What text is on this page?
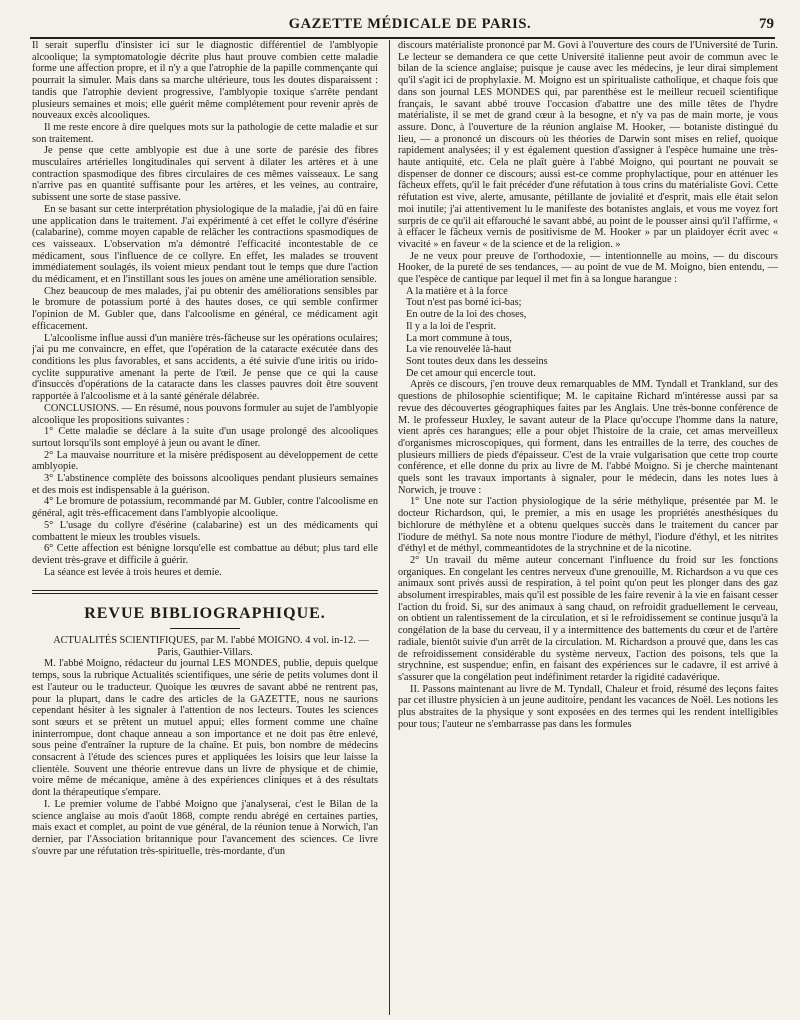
GAZETTE MÉDICALE DE PARIS.	79

Il serait superflu d'insister ici sur le diagnostic différentiel de l'amblyopie alcoolique; la symptomatologie décrite plus haut prouve combien cette maladie forme une affection propre, et il n'y a que l'atrophie de la papille commençante qui pourrait la simuler. Mais dans sa marche ultérieure, tous les doutes disparaissent : tandis que l'atrophie devient progressive, l'amblyopie toxique s'arrête pendant plusieurs semaines et mois; elle guérit même complétement pour revenir après de nouveaux excès alcooliques.

Il me reste encore à dire quelques mots sur la pathologie de cette maladie et sur son traitement.

Je pense que cette amblyopie est due à une sorte de parésie des fibres musculaires artérielles longitudinales qui servent à dilater les artères et à une contraction spasmodique des fibres circulaires de ces mêmes vaisseaux. Le sang n'arrive pas en quantité suffisante pour les artères, et les veines, au contraire, subissent une sorte de stase passive.

En se basant sur cette interprétation physiologique de la maladie, j'ai dû en faire une application dans le traitement. J'ai expérimenté à cet effet le collyre d'ésérine (calabarine), comme moyen capable de relâcher les contractions spasmodiques de ces vaisseaux. L'observation m'a démontré l'efficacité incontestable de ce médicament, sous l'influence de ce collyre. En effet, les malades se trouvent immédiatement soulagés, ils voient mieux pendant tout le temps que dure l'action du médicament, et en l'instillant sous les joues on amène une amélioration sensible.

Chez beaucoup de mes malades, j'ai pu obtenir des améliorations sensibles par le bromure de potassium porté à des hautes doses, ce qui semble confirmer l'opinion de M. Gubler que, dans l'alcoolisme en général, ce médicament agit efficacement.

L'alcoolisme influe aussi d'un manière très-fâcheuse sur les opérations oculaires; j'ai pu me convaincre, en effet, que l'opération de la cataracte exécutée dans des conditions les plus favorables, et sans accidents, a été suivie d'une iritis ou irido-cyclite suppurative amenant la perte de l'œil. Je pense que ce qui la cause d'insuccès d'opérations de la cataracte dans les classes pauvres doit être souvent rapportée à l'alcoolisme et à la santé générale délabrée.

CONCLUSIONS. — En résumé, nous pouvons formuler au sujet de l'amblyopie alcoolique les propositions suivantes :

1° Cette maladie se déclare à la suite d'un usage prolongé des alcooliques surtout lorsqu'ils sont employé à jeun ou avant le dîner.

2° La mauvaise nourriture et la misère prédisposent au développement de cette amblyopie.

3° L'abstinence complète des boissons alcooliques pendant plusieurs semaines et des mois est indispensable à la guérison.

4° Le bromure de potassium, recommandé par M. Gubler, contre l'alcoolisme en général, agit très-efficacement dans l'amblyopie alcoolique.

5° L'usage du collyre d'ésérine (calabarine) est un des médicaments qui combattent le mieux les troubles visuels.

6° Cette affection est bénigne lorsqu'elle est combattue au début; plus tard elle devient très-grave et difficile à guérir.

La séance est levée à trois heures et demie.

REVUE BIBLIOGRAPHIQUE.

ACTUALITÉS SCIENTIFIQUES, par M. l'abbé MOIGNO. 4 vol. in-12. — Paris, Gauthier-Villars.

M. l'abbé Moigno, rédacteur du journal LES MONDES, publie, depuis quelque temps, sous la rubrique Actualités scientifiques, une série de petits volumes dont il est l'auteur ou le traducteur. Quoique les œuvres de savant abbé ne rentrent pas, pour la plupart, dans le cadre des articles de la GAZETTE, nous ne saurions cependant hésiter à les signaler à l'attention de nos lecteurs. Toutes les sciences sont sœurs et se prêtent un mutuel appui; elles forment comme une chaîne ininterrompue, dont chaque anneau a son importance et ne doit pas être enlevé, sous peine d'entraîner la rupture de la chaîne. Et puis, bon nombre de médecins consacrent à l'étude des sciences pures et appliquées les loisirs que leur laisse la clientèle. Souvent une théorie entrevue dans un livre de physique et de chimie, voire même de mécanique, amène à des expériences cliniques et à des résultats dont la thérapeutique s'empare.

I. Le premier volume de l'abbé Moigno que j'analyserai, c'est le Bilan de la science anglaise au mois d'août 1868, compte rendu abrégé en certaines parties, mais exact et complet, au point de vue général, de la réunion tenue à Norwich, l'an dernier, par l'Association britannique pour l'avancement des sciences. Ce livre s'ouvre par une réfutation très-spirituelle, très-mordante, d'un

discours matérialiste prononcé par M. Govi à l'ouverture des cours de l'Université de Turin. Le lecteur se demandera ce que cette Université italienne peut avoir de commun avec le bilan de la science anglaise; puisque je cause avec les médecins, je leur dirai simplement qu'il s'agit ici de prophylaxie. M. Moigno est un spiritualiste catholique, et chaque fois que dans son journal LES MONDES qui, par parenthèse est le meilleur recueil scientifique français, le savant abbé trouve l'occasion d'abattre une des mille têtes de l'hydre matérialiste, il se met de grand cœur à la besogne, et n'y va pas de main morte, je vous assure. Donc, à l'ouverture de la réunion anglaise M. Hooker, — botaniste distingué du lieu, — a prononcé un discours où les théories de Darwin sont mises en relief, quoique rapidement analysées; il y est également question d'assigner à l'espèce humaine une très-haute antiquité, etc. Cela ne plaît guère à l'abbé Moigno, qui pourtant ne pouvait se dispenser de donner ce discours; aussi est-ce comme prophylactique, pour en atténuer les fâcheux effets, qu'il le fait précéder d'une réfutation à tous crins du matérialiste Govi. Cette réfutation est vive, alerte, amusante, pétillante de jovialité et d'esprit, mais elle était selon moi inutile; j'ai attentivement lu le manifeste des botanistes anglais, et vous me voyez fort surpris de ce qu'il ait effarouché le savant abbé, au point de le pousser ainsi qu'il l'affirme, « à effacer le fâcheux vernis de positivisme de M. Hooker » par un plaidoyer écrit avec « vivacité » en faveur « de la science et de la religion. »

Je ne veux pour preuve de l'orthodoxie, — intentionnelle au moins, — du discours Hooker, de la pureté de ses tendances, — au point de vue de M. Moigno, bien entendu, — que l'espèce de cantique par lequel il met fin à sa longue harangue :

A la matière et à la force
Tout n'est pas borné ici-bas;
En outre de la loi des choses,
Il y a la loi de l'esprit.
La mort commune à tous,
La vie renouvelée là-haut
Sont toutes deux dans les desseins
De cet amour qui encercle tout.

Après ce discours, j'en trouve deux remarquables de MM. Tyndall et Trankland, sur des questions de philosophie scientifique; M. le capitaine Richard m'intéresse aussi par sa revue des découvertes géographiques faites par les Anglais. Une très-bonne conférence de M. le professeur Huxley, le savant auteur de la Place qu'occupe l'homme dans la nature, vient après ces harangues; elle a pour objet l'histoire de la craie, cet amas merveilleux d'organismes microscopiques, qui forment, dans les entrailles de la terre, des couches de plusieurs milliers de pieds d'épaisseur. C'est de la vraie vulgarisation que cette trop courte conférence, et elle donne du prix au livre de M. l'abbé Moigno. Si je cherche maintenant quels sont les travaux importants à signaler, pour le médecin, dans les notes lues à Norwich, je trouve :

1° Une note sur l'action physiologique de la série méthylique, présentée par M. le docteur Richardson, qui, le premier, a mis en usage les propriétés anesthésiques du bichlorure de méthylène et a obtenu quelques succès dans le traitement du cancer par l'iodure de méthyl. Sa note nous montre l'iodure de méthyl, l'iodure d'éthyl, et les nitrites d'éthyl et de méthyl, commeantidotes de la strychnine et de la nicotine.

2° Un travail du même auteur concernant l'influence du froid sur les fonctions organiques. En congelant les centres nerveux d'une grenouille, M. Richardson a vu que ces animaux sont privés aussi de respiration, à tel point qu'on peut les plonger dans des gaz absolument irrespirables, mais qu'il est possible de les faire revenir à la vie en faisant cesser l'action du froid. Si, sur des animaux à sang chaud, on refroidit graduellement le cerveau, on obtient un ralentissement de la circulation, et si le refroidissement se continue jusqu'à la congélation de la base du cerveau, il y a intermittence des battements du cœur et de l'artère radiale, bientôt suivie d'un arrêt de la circulation. M. Richardson a prouvé que, dans les cas de refroidissement considérable du système nerveux, l'action des poisons, tels que la strychnine, est suspendue; enfin, en faisant des expériences sur le cadavre, il est arrivé à s'assurer que la congélation peut indéfiniment retarder la rigidité cadavérique.

II. Passons maintenant au livre de M. Tyndall, Chaleur et froid, résumé des leçons faites par cet illustre physicien à un jeune auditoire, pendant les vacances de Noël. Les notions les plus abstraites de la physique y sont exposées en des termes qui les rendent intelligibles pour tous; l'auteur ne s'embarrasse pas dans les formules
